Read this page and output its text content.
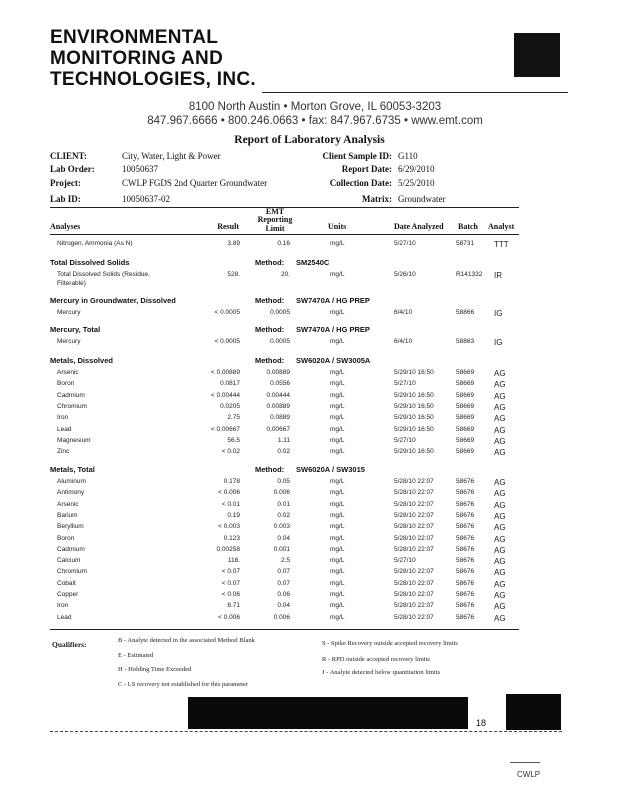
ENVIRONMENTAL
MONITORING AND
TECHNOLOGIES, INC.
8100 North Austin • Morton Grove, IL 60053-3203
847.967.6666 • 800.246.0663 • fax: 847.967.6735 • www.emt.com
Report of Laboratory Analysis
CLIENT:	City, Water, Light & Power
Lab Order:	10050637
Project:	CWLP FGDS 2nd Quarter Groundwater
Lab ID:	10050637-02
Client Sample ID: G110
Report Date: 6/29/2010
Collection Date: 5/25/2010
Matrix: Groundwater
Analyses	Result
EMT
Reporting
Limit	Units	Date Analyzed Batch Analyst
Nitrogen, Ammonia (As N)	3.89	0.16	mg/L	5/27/10	58731 TTT
Total Dissolved Solids	Method: SM2540C
Total Dissolved Solids (Residue,	528.	20.	mg/L	5/26/10	R141332 IR
Filterable)
Mercury in Groundwater, Dissolved	Method: SW7470A / HG PREP
Mercury	< 0.0005	0.0005	mg/L	6/4/10	58866 IG
Mercury, Total	Method: SW7470A / HG PREP
Mercury	< 0.0005	0.0005	mg/L	6/4/10	58863 IG
Metals, Dissolved	Method: SW6020A / SW3005A
Arsenic	< 0.00889	0.00889	mg/L	5/29/10 16:50	58669 AG
Boron	0.0817	0.0556	mg/L	5/27/10	58669 AG
Cadmium	< 0.00444	0.00444	mg/L	5/29/10 16:50	58669 AG
Chromium	0.0205	0.00889	mg/L	5/29/10 16:50	58669 AG
Iron	2.75	0.0889	mg/L	5/29/10 16:50	58669 AG
Lead	< 0.00667	0.00667	mg/L	5/29/10 16:50	58669 AG
Magnesium	56.5	1.11	mg/L	5/27/10	58669 AG
Zinc	< 0.02	0.02	mg/L	5/29/10 16:50	58669 AG
Metals, Total	Method: SW6020A / SW3015
Aluminum	0.178	0.05	mg/L	5/28/10 22:07	58676 AG
Antimony	< 0.006	0.006	mg/L	5/28/10 22:07	58676 AG
Arsenic	< 0.01	0.01	mg/L	5/28/10 22:07	58676 AG
Barium	0.19	0.02	mg/L	5/28/10 22:07	58676 AG
Beryllium	< 0.003	0.003	mg/L	5/28/10 22:07	58676 AG
Boron	0.123	0.04	mg/L	5/28/10 22:07	58676 AG
Cadmium	0.00258	0.001	mg/L	5/28/10 22:07	58676 AG
Calcium	118.	2.5	mg/L	5/27/10	58676 AG
Chromium	< 0.07	0.07	mg/L	5/28/10 22:07	58676 AG
Cobalt	< 0.07	0.07	mg/L	5/28/10 22:07	58676 AG
Copper	< 0.06	0.06	mg/L	5/28/10 22:07	58676 AG
Iron	8.71	0.04	mg/L	5/28/10 22:07	58676 AG
Lead	< 0.006	0.006	mg/L	5/28/10 22:07	58676 AG
Qualifiers:	B - Analyte detected in the associated Method Blank
E - Estimated
H - Holding Time Exceeded
C - LS recovery not established for this parameter
S - Spike Recovery outside accepted recovery limits
R - RPD outside accepted recovery limits
J - Analyte detected below quantitation limits
18
CWLP
